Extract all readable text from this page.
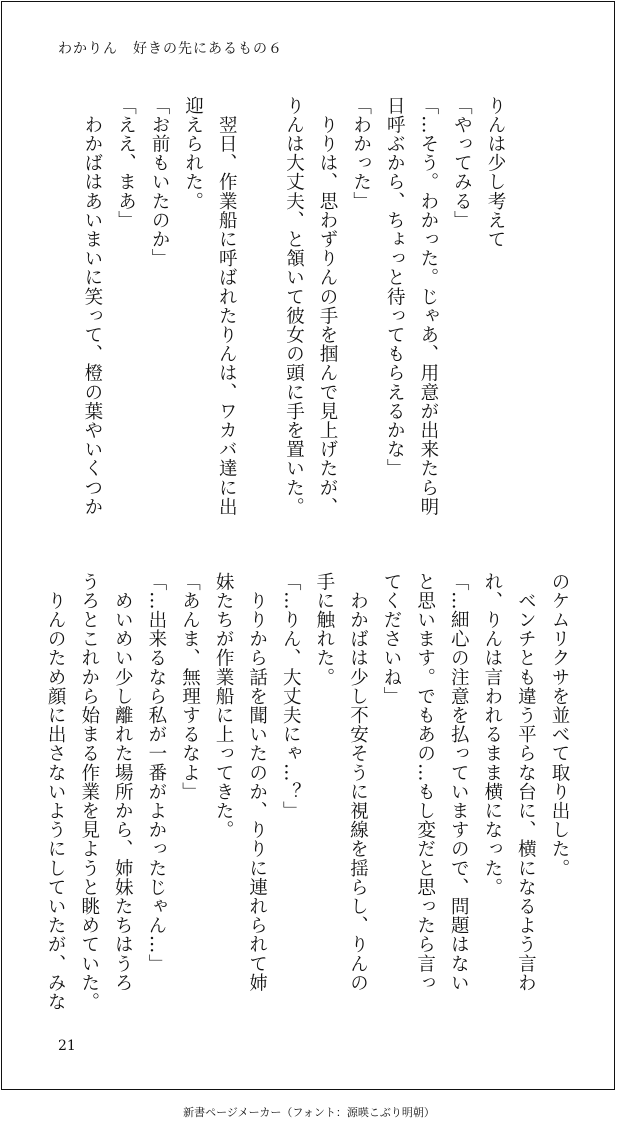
わかりん　好きの先にあるもの６
りんは少し考えて
「やってみる」
「…そう。わかった。じゃあ、用意が出来たら明
日呼ぶから、ちょっと待ってもらえるかな」
「わかった」
　りりは、思わずりんの手を掴んで見上げたが、
りんは大丈夫、と頷いて彼女の頭に手を置いた。
　翌日、作業船に呼ばれたりんは、ワカバ達に出
迎えられた。
「お前もいたのか」
「ええ、まあ」
　わかばはあいまいに笑って、橙の葉やいくつか
のケムリクサを並べて取り出した。
　ベンチとも違う平らな台に、横になるよう言わ
れ、りんは言われるまま横になった。
「…細心の注意を払っていますので、問題はない
と思います。でもあの…もし変だと思ったら言っ
てくださいね」
　わかばは少し不安そうに視線を揺らし、りんの
手に触れた。
「…りん、大丈夫にゃ…？」
　りりから話を聞いたのか、りりに連れられて姉
妹たちが作業船に上ってきた。
「あんま、無理するなよ」
「…出来るなら私が一番がよかったじゃん…」
　めいめい少し離れた場所から、姉妹たちはうろ
うろとこれから始まる作業を見ようと眺めていた。
　りんのため顔に出さないようにしていたが、みな
21
新書ページメーカー（フォント：源暎こぶり明朝）
